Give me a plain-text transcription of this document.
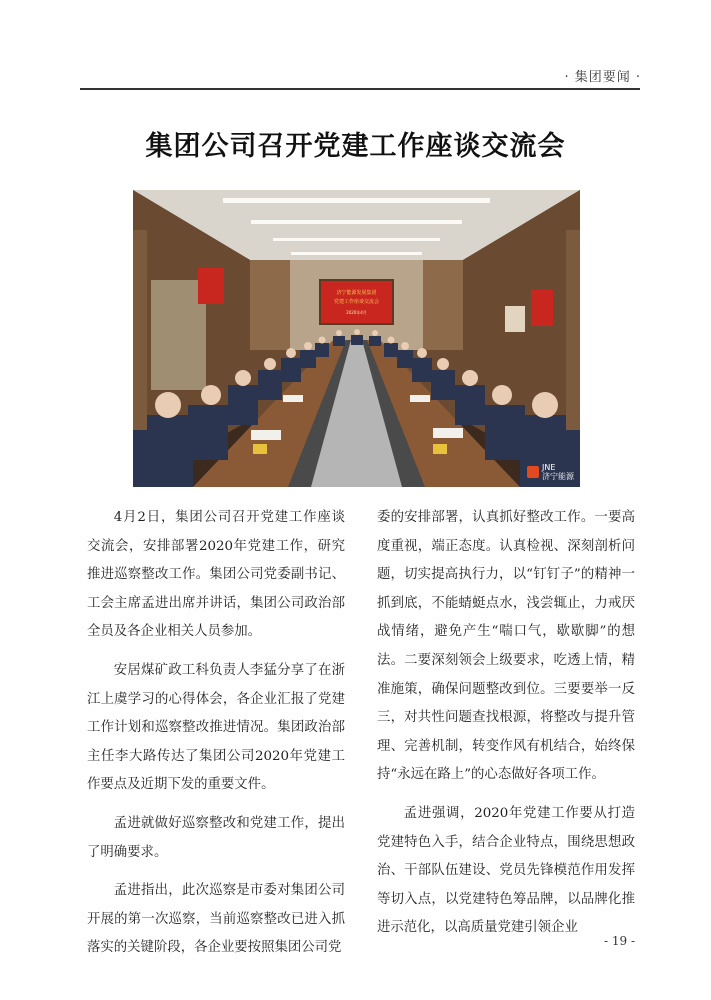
· 集团要闻 ·
集团公司召开党建工作座谈交流会
济宁能源发展集团
党建工作座谈交流会
2020年4月
JNE
济宁能源

4月2日，集团公司召开党建工作座谈交流会，安排部署2020年党建工作，研究推进巡察整改工作。集团公司党委副书记、工会主席孟进出席并讲话，集团公司政治部全员及各企业相关人员参加。

安居煤矿政工科负责人李猛分享了在浙江上虞学习的心得体会，各企业汇报了党建工作计划和巡察整改推进情况。集团政治部主任李大路传达了集团公司2020年党建工作要点及近期下发的重要文件。

孟进就做好巡察整改和党建工作，提出了明确要求。

孟进指出，此次巡察是市委对集团公司开展的第一次巡察，当前巡察整改已进入抓落实的关键阶段，各企业要按照集团公司党

委的安排部署，认真抓好整改工作。一要高度重视，端正态度。认真检视、深刻剖析问题，切实提高执行力，以“钉钉子”的精神一抓到底，不能蜻蜓点水，浅尝辄止，力戒厌战情绪，避免产生“喘口气，歇歇脚”的想法。二要深刻领会上级要求，吃透上情，精准施策，确保问题整改到位。三要要举一反三，对共性问题查找根源，将整改与提升管理、完善机制，转变作风有机结合，始终保持“永远在路上”的心态做好各项工作。

孟进强调，2020年党建工作要从打造党建特色入手，结合企业特点，围绕思想政治、干部队伍建设、党员先锋模范作用发挥等切入点，以党建特色筹品牌，以品牌化推进示范化，以高质量党建引领企业

- 19 -
